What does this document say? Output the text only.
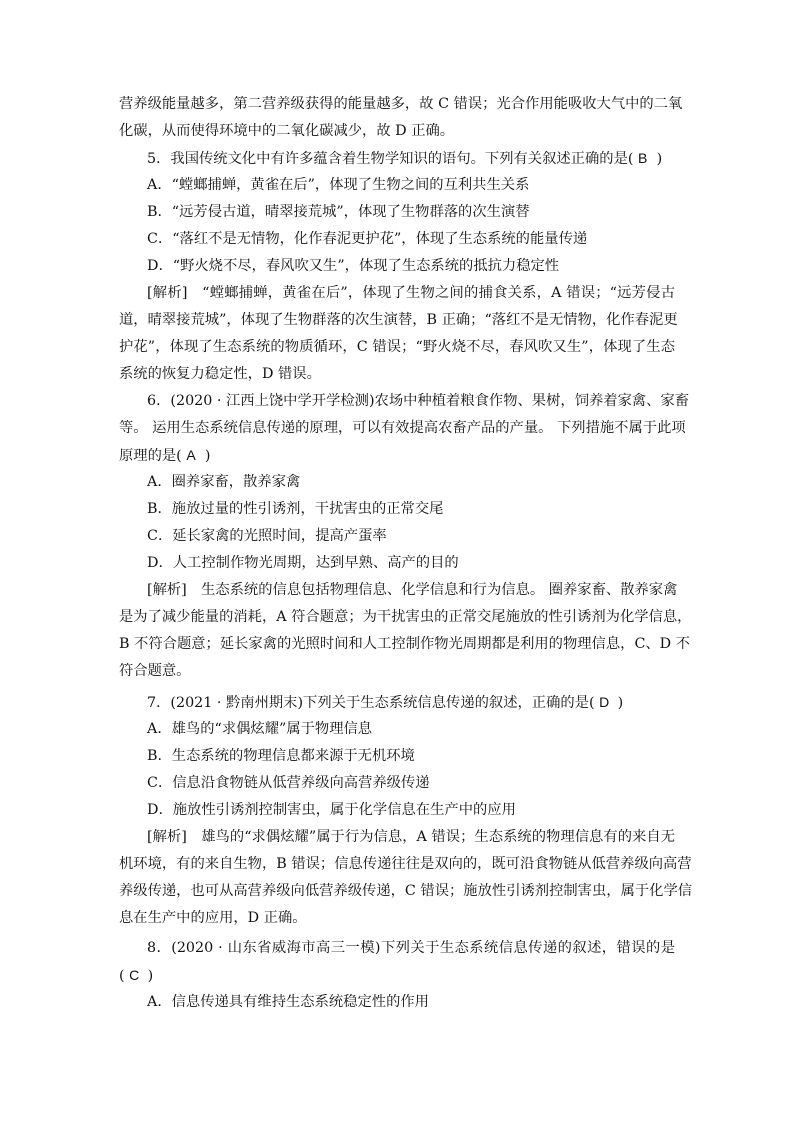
营养级能量越多，第二营养级获得的能量越多，故 C 错误；光合作用能吸收大气中的二氧
化碳，从而使得环境中的二氧化碳减少，故 D 正确。
5．我国传统文化中有许多蕴含着生物学知识的语句。下列有关叙述正确的是( B )
A．“螳螂捕蝉，黄雀在后”，体现了生物之间的互利共生关系
B．“远芳侵古道，晴翠接荒城”，体现了生物群落的次生演替
C．“落红不是无情物，化作春泥更护花”，体现了生态系统的能量传递
D．“野火烧不尽，春风吹又生”，体现了生态系统的抵抗力稳定性
[解析]　“螳螂捕蝉，黄雀在后”，体现了生物之间的捕食关系，A 错误；“远芳侵古
道，晴翠接荒城”，体现了生物群落的次生演替，B 正确；“落红不是无情物，化作春泥更
护花”，体现了生态系统的物质循环，C 错误；“野火烧不尽，春风吹又生”，体现了生态
系统的恢复力稳定性，D 错误。
6．(2020 · 江西上饶中学开学检测)农场中种植着粮食作物、果树，饲养着家禽、家畜
等。 运用生态系统信息传递的原理，可以有效提高农畜产品的产量。 下列措施不属于此项
原理的是( A )
A．圈养家畜，散养家禽
B．施放过量的性引诱剂，干扰害虫的正常交尾
C．延长家禽的光照时间，提高产蛋率
D．人工控制作物光周期，达到早熟、高产的目的
[解析]　生态系统的信息包括物理信息、化学信息和行为信息。 圈养家畜、散养家禽
是为了减少能量的消耗，A 符合题意；为干扰害虫的正常交尾施放的性引诱剂为化学信息，
B 不符合题意；延长家禽的光照时间和人工控制作物光周期都是利用的物理信息，C、D 不
符合题意。
7．(2021 · 黔南州期末)下列关于生态系统信息传递的叙述，正确的是( D )
A．雄鸟的“求偶炫耀”属于物理信息
B．生态系统的物理信息都来源于无机环境
C．信息沿食物链从低营养级向高营养级传递
D．施放性引诱剂控制害虫，属于化学信息在生产中的应用
[解析]　雄鸟的“求偶炫耀”属于行为信息，A 错误；生态系统的物理信息有的来自无
机环境，有的来自生物，B 错误；信息传递往往是双向的，既可沿食物链从低营养级向高营
养级传递，也可从高营养级向低营养级传递，C 错误；施放性引诱剂控制害虫，属于化学信
息在生产中的应用，D 正确。
8．(2020 · 山东省威海市高三一模)下列关于生态系统信息传递的叙述，错误的是
( C )
A．信息传递具有维持生态系统稳定性的作用
